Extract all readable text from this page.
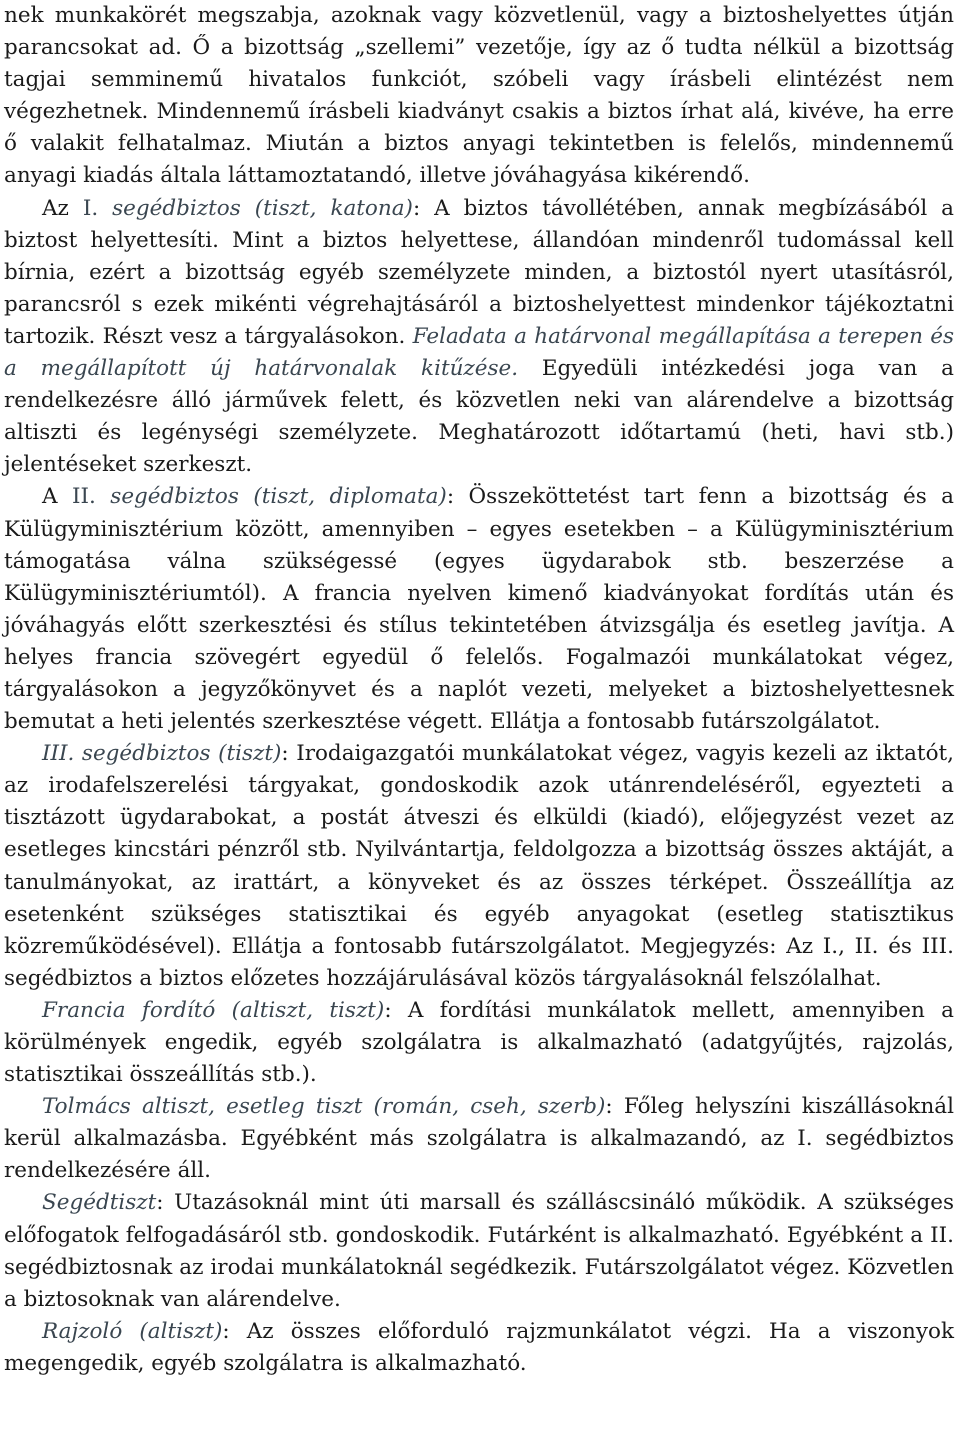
nek munkakörét megszabja, azoknak vagy közvetlenül, vagy a biztoshelyettes útján parancsokat ad. Ő a bizottság „szellemi” vezetője, így az ő tudta nélkül a bizottság tagjai semminemű hivatalos funkciót, szóbeli vagy írásbeli elintézést nem végezhetnek. Mindennemű írásbeli kiadványt csakis a biztos írhat alá, kivéve, ha erre ő valakit felhatalmaz. Miután a biztos anyagi tekintetben is felelős, mindennemű anyagi kiadás általa láttamoztatandó, illetve jóváhagyása kikérendő.

Az I. segédbiztos (tiszt, katona): A biztos távollétében, annak megbízásából a biztost helyettesíti. Mint a biztos helyettese, állandóan mindenről tudomással kell bírnia, ezért a bizottság egyéb személyzete minden, a biztostól nyert utasításról, parancsról s ezek mikénti végrehajtásáról a biztoshelyettest mindenkor tájékoztatni tartozik. Részt vesz a tárgyalásokon. Feladata a határvonal megállapítása a terepen és a megállapított új határvonalak kitűzése. Egyedüli intézkedési joga van a rendelkezésre álló járművek felett, és közvetlen neki van alárendelve a bizottság altiszti és legénységi személyzete. Meghatározott időtartamú (heti, havi stb.) jelentéseket szerkeszt.

A II. segédbiztos (tiszt, diplomata): Összeköttetést tart fenn a bizottság és a Külügyminisztérium között, amennyiben – egyes esetekben – a Külügyminisztérium támogatása válna szükségessé (egyes ügydarabok stb. beszerzése a Külügyminisztériumtól). A francia nyelven kimenő kiadványokat fordítás után és jóváhagyás előtt szerkesztési és stílus tekintetében átvizsgálja és esetleg javítja. A helyes francia szövegért egyedül ő felelős. Fogalmazói munkálatokat végez, tárgyalásokon a jegyzőkönyvet és a naplót vezeti, melyeket a biztoshelyettesnek bemutat a heti jelentés szerkesztése végett. Ellátja a fontosabb futárszolgálatot.

III. segédbiztos (tiszt): Irodaigazgatói munkálatokat végez, vagyis kezeli az iktatót, az irodafelszerelési tárgyakat, gondoskodik azok utánrendeléséről, egyezteti a tisztázott ügydarabokat, a postát átveszi és elküldi (kiadó), előjegyzést vezet az esetleges kincstári pénzről stb. Nyilvántartja, feldolgozza a bizottság összes aktáját, a tanulmányokat, az irattárt, a könyveket és az összes térképet. Összeállítja az esetenként szükséges statisztikai és egyéb anyagokat (esetleg statisztikus közreműködésével). Ellátja a fontosabb futárszolgálatot. Megjegyzés: Az I., II. és III. segédbiztos a biztos előzetes hozzájárulásával közös tárgyalásoknál felszólalhat.

Francia fordító (altiszt, tiszt): A fordítási munkálatok mellett, amennyiben a körülmények engedik, egyéb szolgálatra is alkalmazható (adatgyűjtés, rajzolás, statisztikai összeállítás stb.).

Tolmács altiszt, esetleg tiszt (román, cseh, szerb): Főleg helyszíni kiszállásoknál kerül alkalmazásba. Egyébként más szolgálatra is alkalmazandó, az I. segédbiztos rendelkezésére áll.

Segédtiszt: Utazásoknál mint úti marsall és szálláscsináló működik. A szükséges előfogatok felfogadásáról stb. gondoskodik. Futárként is alkalmazható. Egyébként a II. segédbiztosnak az irodai munkálatoknál segédkezik. Futárszolgálatot végez. Közvetlen a biztosoknak van alárendelve.

Rajzoló (altiszt): Az összes előforduló rajzmunkálatot végzi. Ha a viszonyok megengedik, egyéb szolgálatra is alkalmazható.
